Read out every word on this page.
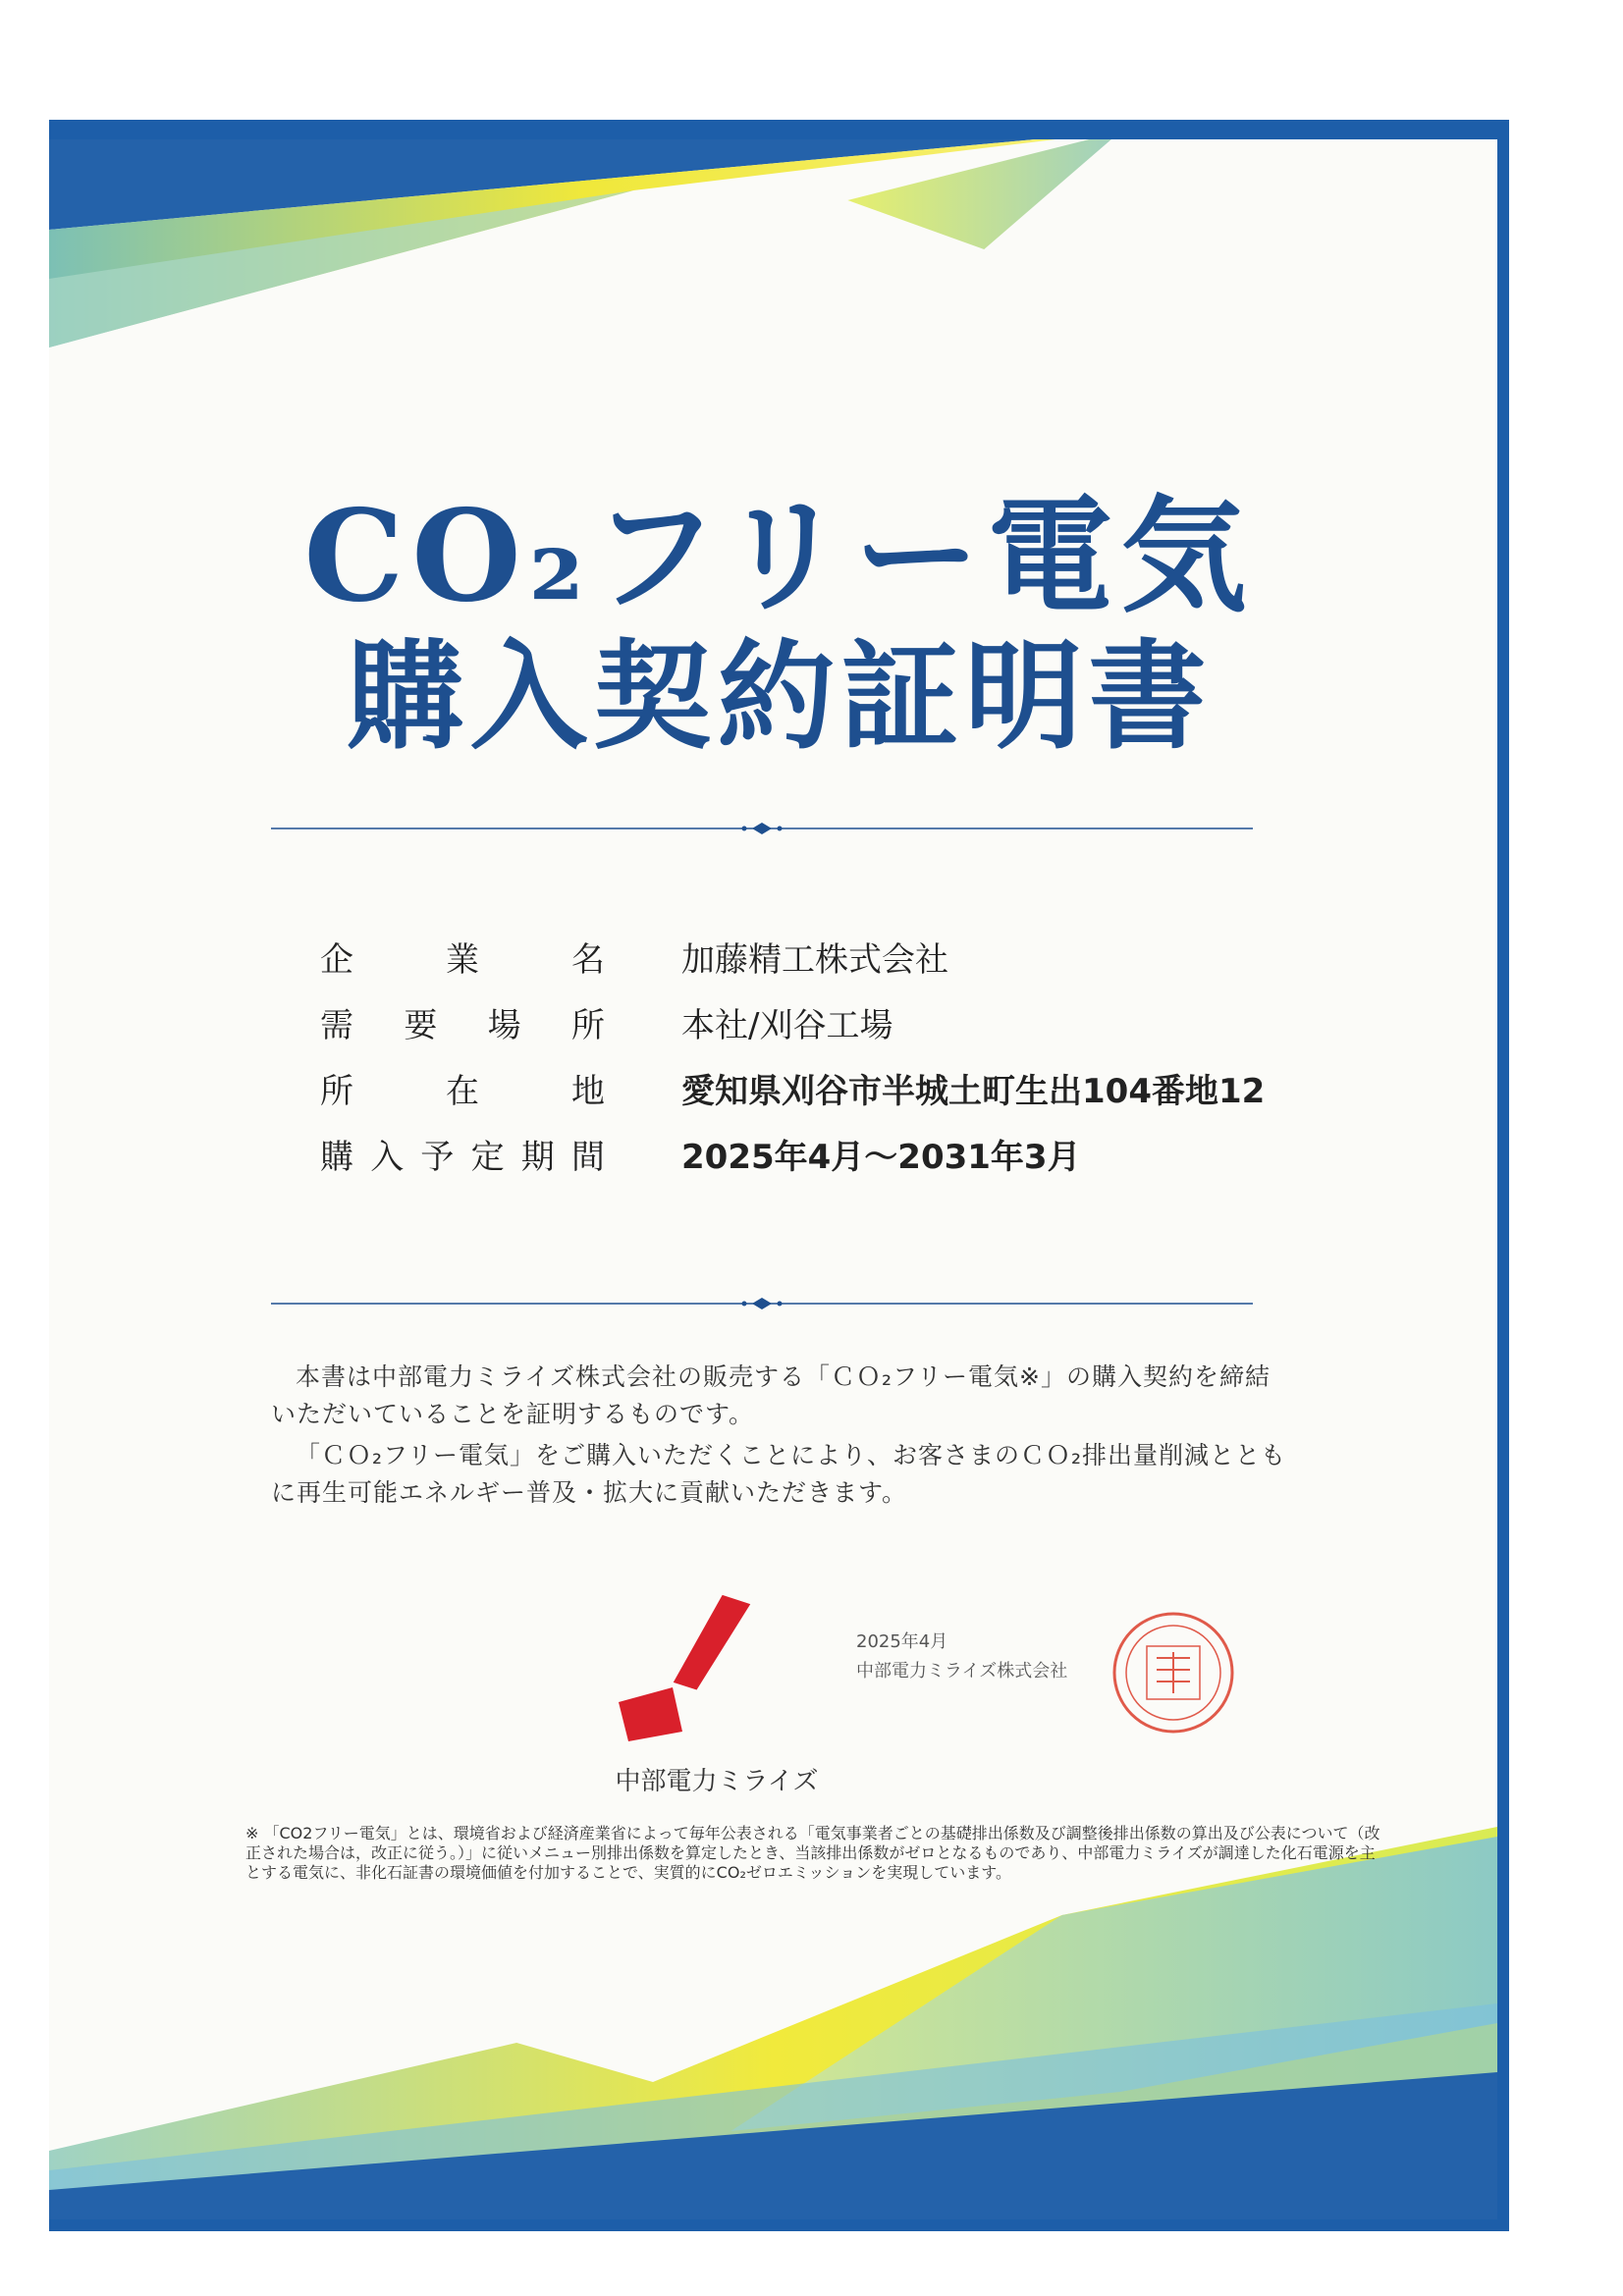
CO₂フリー電気
購入契約証明書
企	業	名 加藤精工株式会社
需 要 場 所 本社/刈谷工場
所	在	地 愛知県刈谷市半城土町生出104番地12
購 入 予 定 期 間 2025年4月～2031年3月
本書は中部電力ミライズ株式会社の販売する「ＣＯ₂フリー電気※」の購入契約を締結いただいていることを証明するものです。
「ＣＯ₂フリー電気」をご購入いただくことにより、お客さまのＣＯ₂排出量削減とともに再生可能エネルギー普及・拡大に貢献いただきます。
中部電力ミライズ
2025年4月
中部電力ミライズ株式会社
※ 「CO2フリー電気」とは、環境省および経済産業省によって毎年公表される「電気事業者ごとの基礎排出係数及び調整後排出係数の算出及び公表について（改正された場合は，改正に従う。）」に従いメニュー別排出係数を算定したとき、当該排出係数がゼロとなるものであり、中部電力ミライズが調達した化石電源を主とする電気に、非化石証書の環境価値を付加することで、実質的にCO₂ゼロエミッションを実現しています。
